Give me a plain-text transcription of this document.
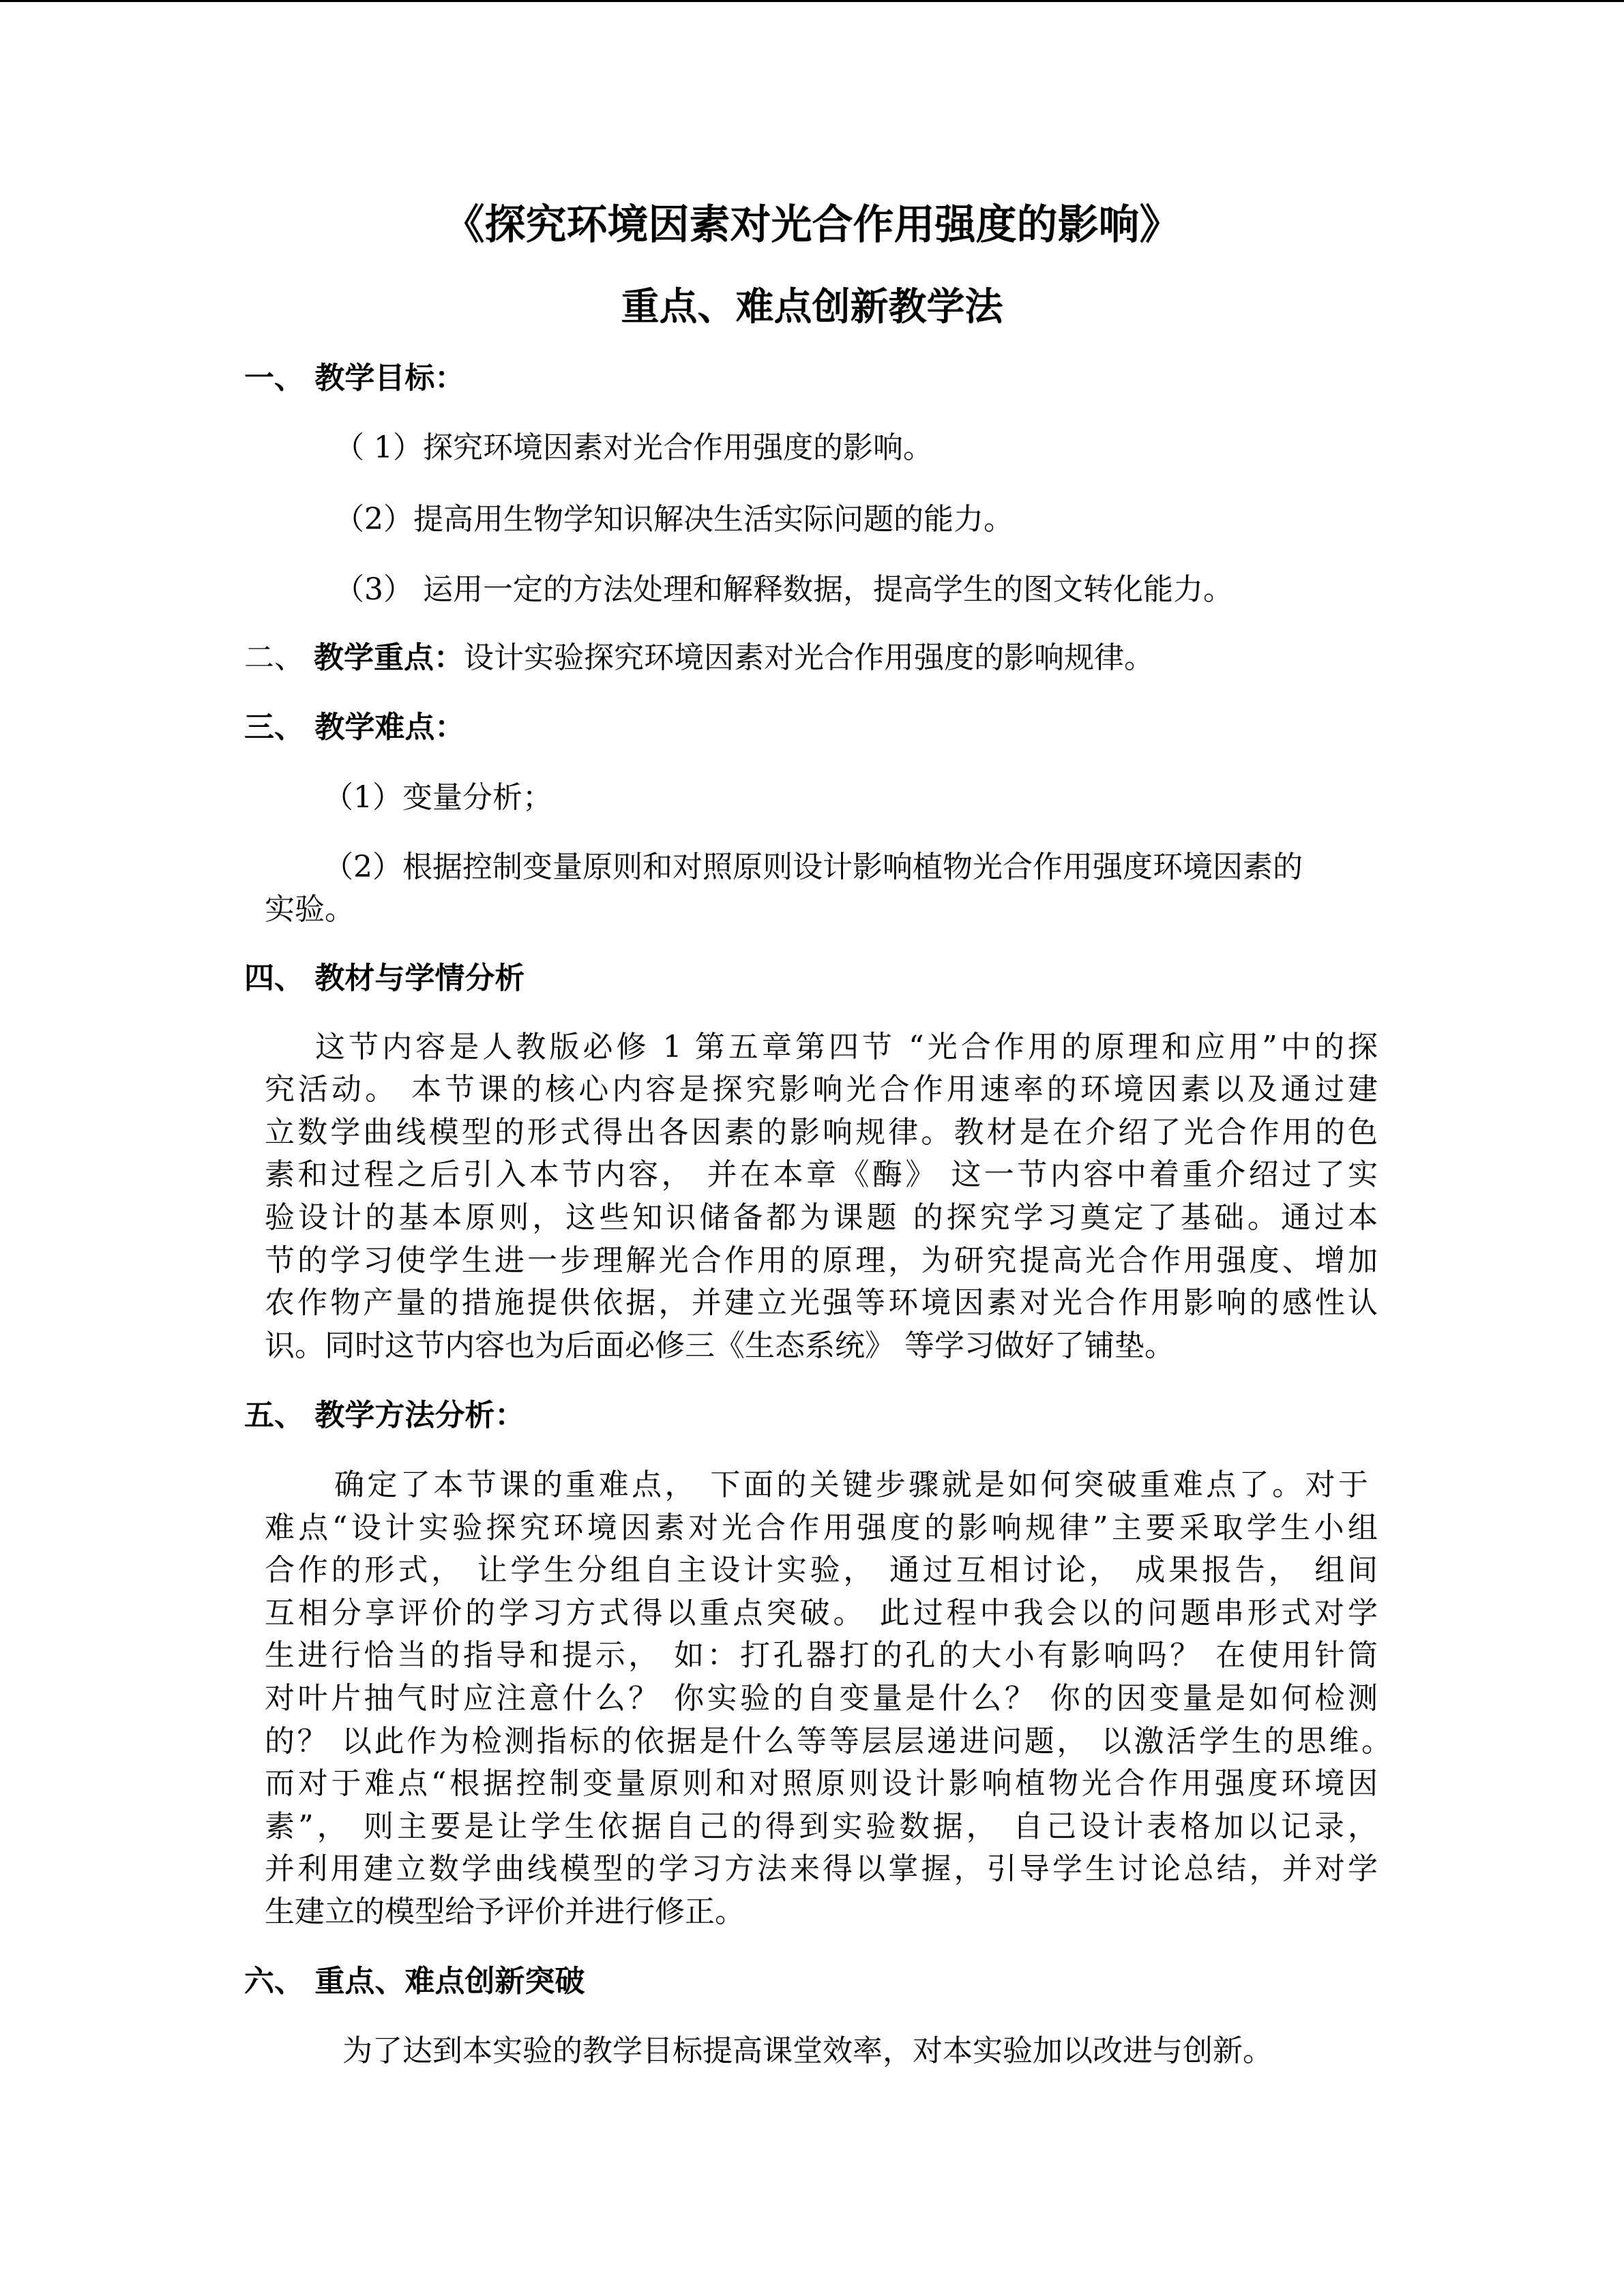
《探究环境因素对光合作用强度的影响》
重点、难点创新教学法
一、 教学目标：
（ 1）探究环境因素对光合作用强度的影响。
（2）提高用生物学知识解决生活实际问题的能力。
（3） 运用一定的方法处理和解释数据，提高学生的图文转化能力。
二、 教学重点：设计实验探究环境因素对光合作用强度的影响规律。
三、 教学难点：
（1）变量分析；
（2）根据控制变量原则和对照原则设计影响植物光合作用强度环境因素的
实验。
四、 教材与学情分析
这节内容是人教版必修 1 第五章第四节 “光合作用的原理和应用”中的探
究活动。 本节课的核心内容是探究影响光合作用速率的环境因素以及通过建
立数学曲线模型的形式得出各因素的影响规律。教材是在介绍了光合作用的色
素和过程之后引入本节内容， 并在本章《酶》 这一节内容中着重介绍过了实
验设计的基本原则，这些知识储备都为课题 的探究学习奠定了基础。通过本
节的学习使学生进一步理解光合作用的原理，为研究提高光合作用强度、增加
农作物产量的措施提供依据，并建立光强等环境因素对光合作用影响的感性认
识。同时这节内容也为后面必修三《生态系统》 等学习做好了铺垫。
五、 教学方法分析：
确定了本节课的重难点， 下面的关键步骤就是如何突破重难点了。对于
难点“设计实验探究环境因素对光合作用强度的影响规律”主要采取学生小组
合作的形式， 让学生分组自主设计实验， 通过互相讨论， 成果报告， 组间
互相分享评价的学习方式得以重点突破。 此过程中我会以的问题串形式对学
生进行恰当的指导和提示， 如：打孔器打的孔的大小有影响吗？ 在使用针筒
对叶片抽气时应注意什么？ 你实验的自变量是什么？ 你的因变量是如何检测
的？ 以此作为检测指标的依据是什么等等层层递进问题， 以激活学生的思维。
而对于难点“根据控制变量原则和对照原则设计影响植物光合作用强度环境因
素”， 则主要是让学生依据自己的得到实验数据， 自己设计表格加以记录，
并利用建立数学曲线模型的学习方法来得以掌握，引导学生讨论总结，并对学
生建立的模型给予评价并进行修正。
六、 重点、难点创新突破
为了达到本实验的教学目标提高课堂效率，对本实验加以改进与创新。
